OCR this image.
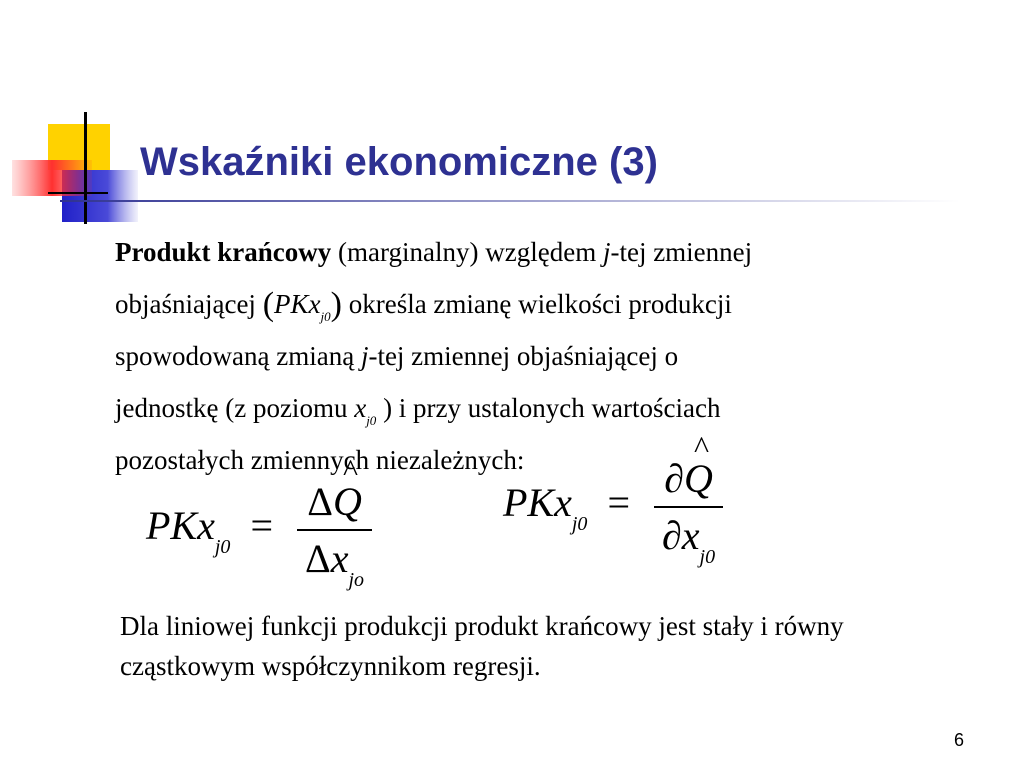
Wskaźniki ekonomiczne (3)
Produkt krańcowy (marginalny) względem j-tej zmiennej
objaśniającej (PKx$_{j0}$) określa zmianę wielkości produkcji
spowodowaną zmianą j-tej zmiennej objaśniającej o
jednostkę (z poziomu $x_{j0}$ ) i przy ustalonych wartościach
pozostałych zmiennych niezależnych:
$PKx_{j0} = \frac{\Delta\^{} Q}{\Delta x_{jo}}$	$PKx_{j0} = \frac{\partial\^{} Q}{\partial x_{j0}}$
Dla liniowej funkcji produkcji produkt krańcowy jest stały i równy cząstkowym współczynnikom regresji.
6
